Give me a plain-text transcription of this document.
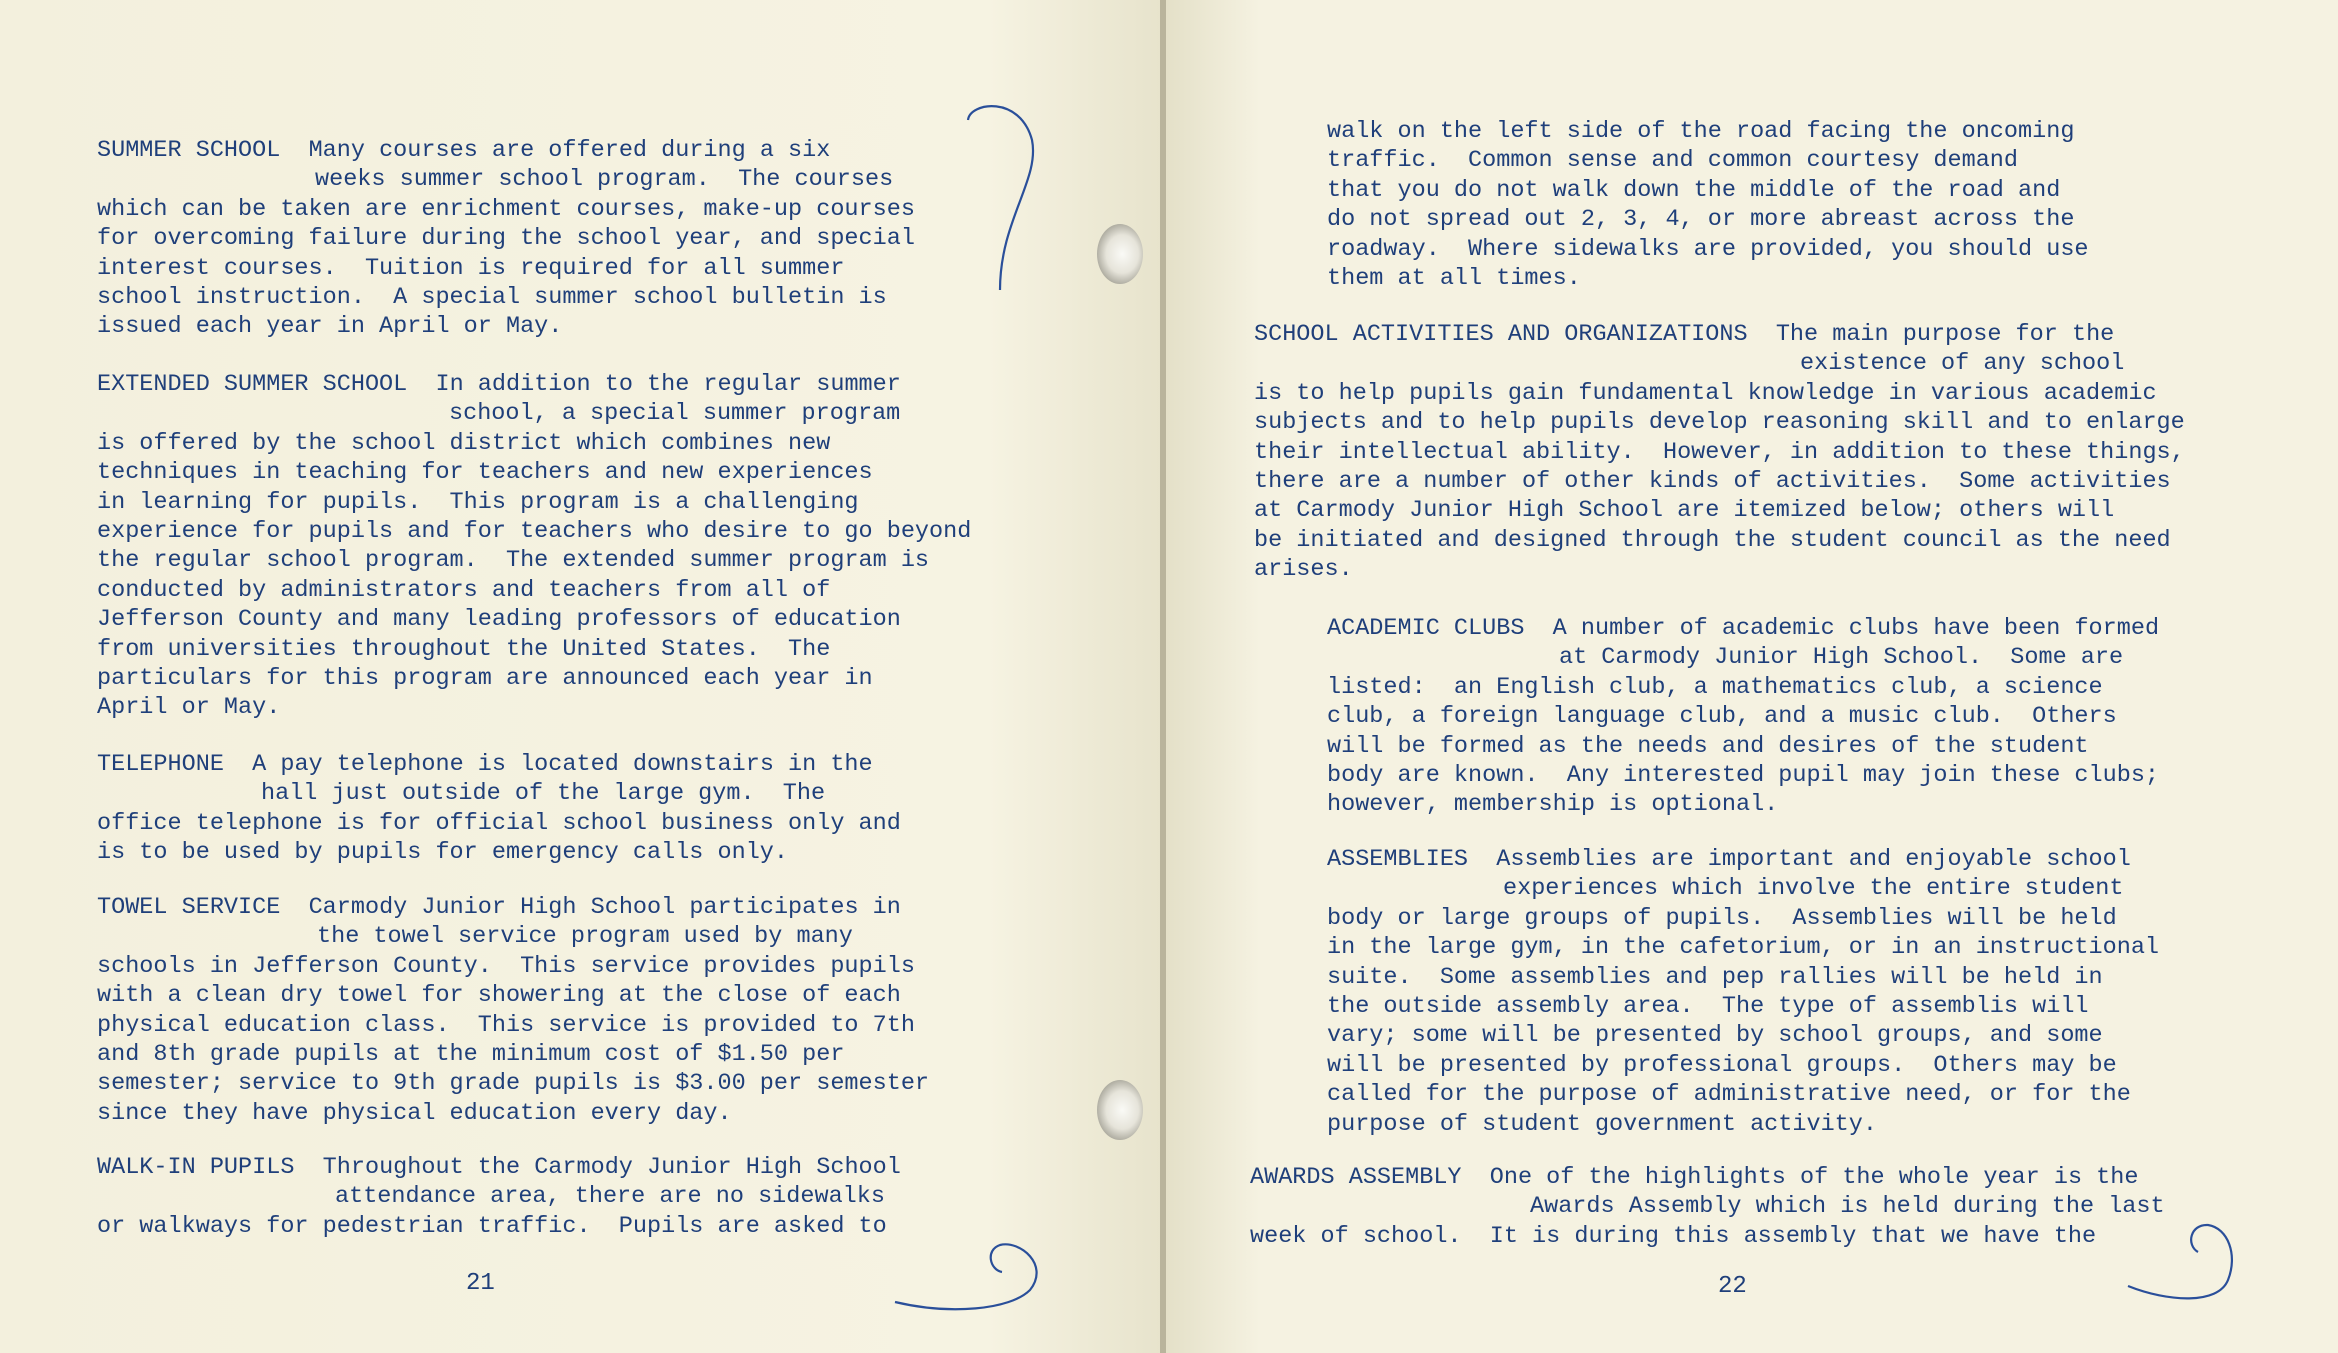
SUMMER SCHOOL Many courses are offered during a six
weeks summer school program.  The courses
which can be taken are enrichment courses, make-up courses
for overcoming failure during the school year, and special
interest courses.  Tuition is required for all summer
school instruction.  A special summer school bulletin is
issued each year in April or May.
EXTENDED SUMMER SCHOOL In addition to the regular summer
school, a special summer program
is offered by the school district which combines new
techniques in teaching for teachers and new experiences
in learning for pupils.  This program is a challenging
experience for pupils and for teachers who desire to go beyond
the regular school program.  The extended summer program is
conducted by administrators and teachers from all of
Jefferson County and many leading professors of education
from universities throughout the United States.  The
particulars for this program are announced each year in
April or May.
TELEPHONE A pay telephone is located downstairs in the
hall just outside of the large gym.  The
office telephone is for official school business only and
is to be used by pupils for emergency calls only.
TOWEL SERVICE Carmody Junior High School participates in
the towel service program used by many
schools in Jefferson County.  This service provides pupils
with a clean dry towel for showering at the close of each
physical education class.  This service is provided to 7th
and 8th grade pupils at the minimum cost of $1.50 per
semester; service to 9th grade pupils is $3.00 per semester
since they have physical education every day.
WALK-IN PUPILS Throughout the Carmody Junior High School
attendance area, there are no sidewalks
or walkways for pedestrian traffic.  Pupils are asked to
21
walk on the left side of the road facing the oncoming
traffic.  Common sense and common courtesy demand
that you do not walk down the middle of the road and
do not spread out 2, 3, 4, or more abreast across the
roadway.  Where sidewalks are provided, you should use
them at all times.
SCHOOL ACTIVITIES AND ORGANIZATIONS The main purpose for the
existence of any school
is to help pupils gain fundamental knowledge in various academic
subjects and to help pupils develop reasoning skill and to enlarge
their intellectual ability.  However, in addition to these things,
there are a number of other kinds of activities.  Some activities
at Carmody Junior High School are itemized below; others will
be initiated and designed through the student council as the need
arises.
ACADEMIC CLUBS A number of academic clubs have been formed
at Carmody Junior High School.  Some are
listed:  an English club, a mathematics club, a science
club, a foreign language club, and a music club.  Others
will be formed as the needs and desires of the student
body are known.  Any interested pupil may join these clubs;
however, membership is optional.
ASSEMBLIES Assemblies are important and enjoyable school
experiences which involve the entire student
body or large groups of pupils.  Assemblies will be held
in the large gym, in the cafetorium, or in an instructional
suite.  Some assemblies and pep rallies will be held in
the outside assembly area.  The type of assemblis will
vary; some will be presented by school groups, and some
will be presented by professional groups.  Others may be
called for the purpose of administrative need, or for the
purpose of student government activity.
AWARDS ASSEMBLY One of the highlights of the whole year is the
Awards Assembly which is held during the last
week of school.  It is during this assembly that we have the
22
